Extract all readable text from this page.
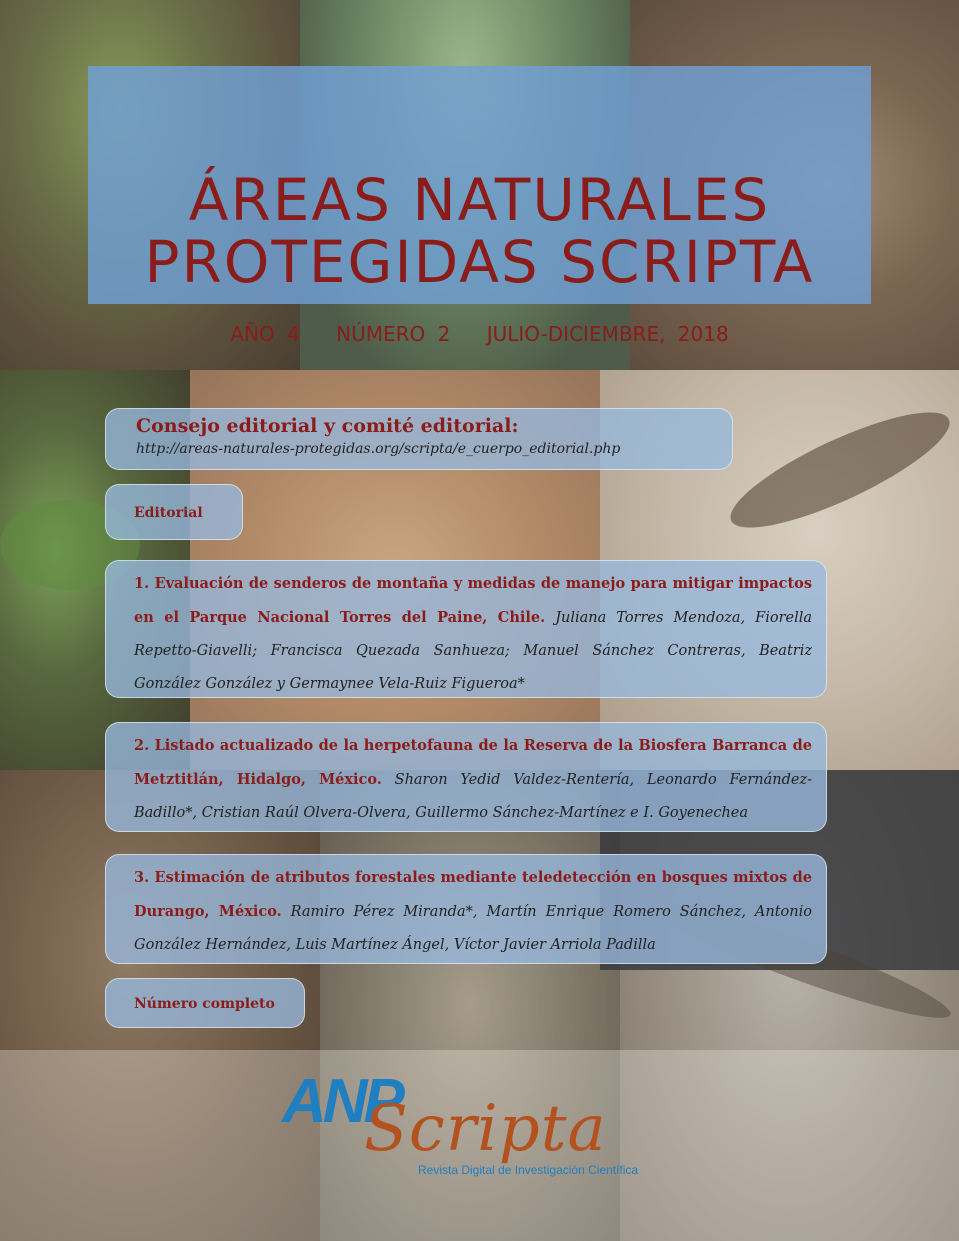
ÁREAS NATURALES
PROTEGIDAS SCRIPTA
AÑO 4 NÚMERO 2 JULIO-DICIEMBRE, 2018
Consejo editorial y comité editorial:
http://areas-naturales-protegidas.org/scripta/e_cuerpo_editorial.php
Editorial
1. Evaluación de senderos de montaña y medidas de manejo para mitigar impactos en el Parque Nacional Torres del Paine, Chile. Juliana Torres Mendoza, Fiorella Repetto-Giavelli; Francisca Quezada Sanhueza; Manuel Sánchez Contreras, Beatriz González González y Germaynee Vela-Ruiz Figueroa*
2. Listado actualizado de la herpetofauna de la Reserva de la Biosfera Barranca de Metztitlán, Hidalgo, México. Sharon Yedid Valdez-Rentería, Leonardo Fernández-Badillo*, Cristian Raúl Olvera-Olvera, Guillermo Sánchez-Martínez e I. Goyenechea
3. Estimación de atributos forestales mediante teledetección en bosques mixtos de Durango, México. Ramiro Pérez Miranda*, Martín Enrique Romero Sánchez, Antonio González Hernández, Luis Martínez Ángel, Víctor Javier Arriola Padilla
Número completo
ANP
Scripta
Revista Digital de Investigación Científica
